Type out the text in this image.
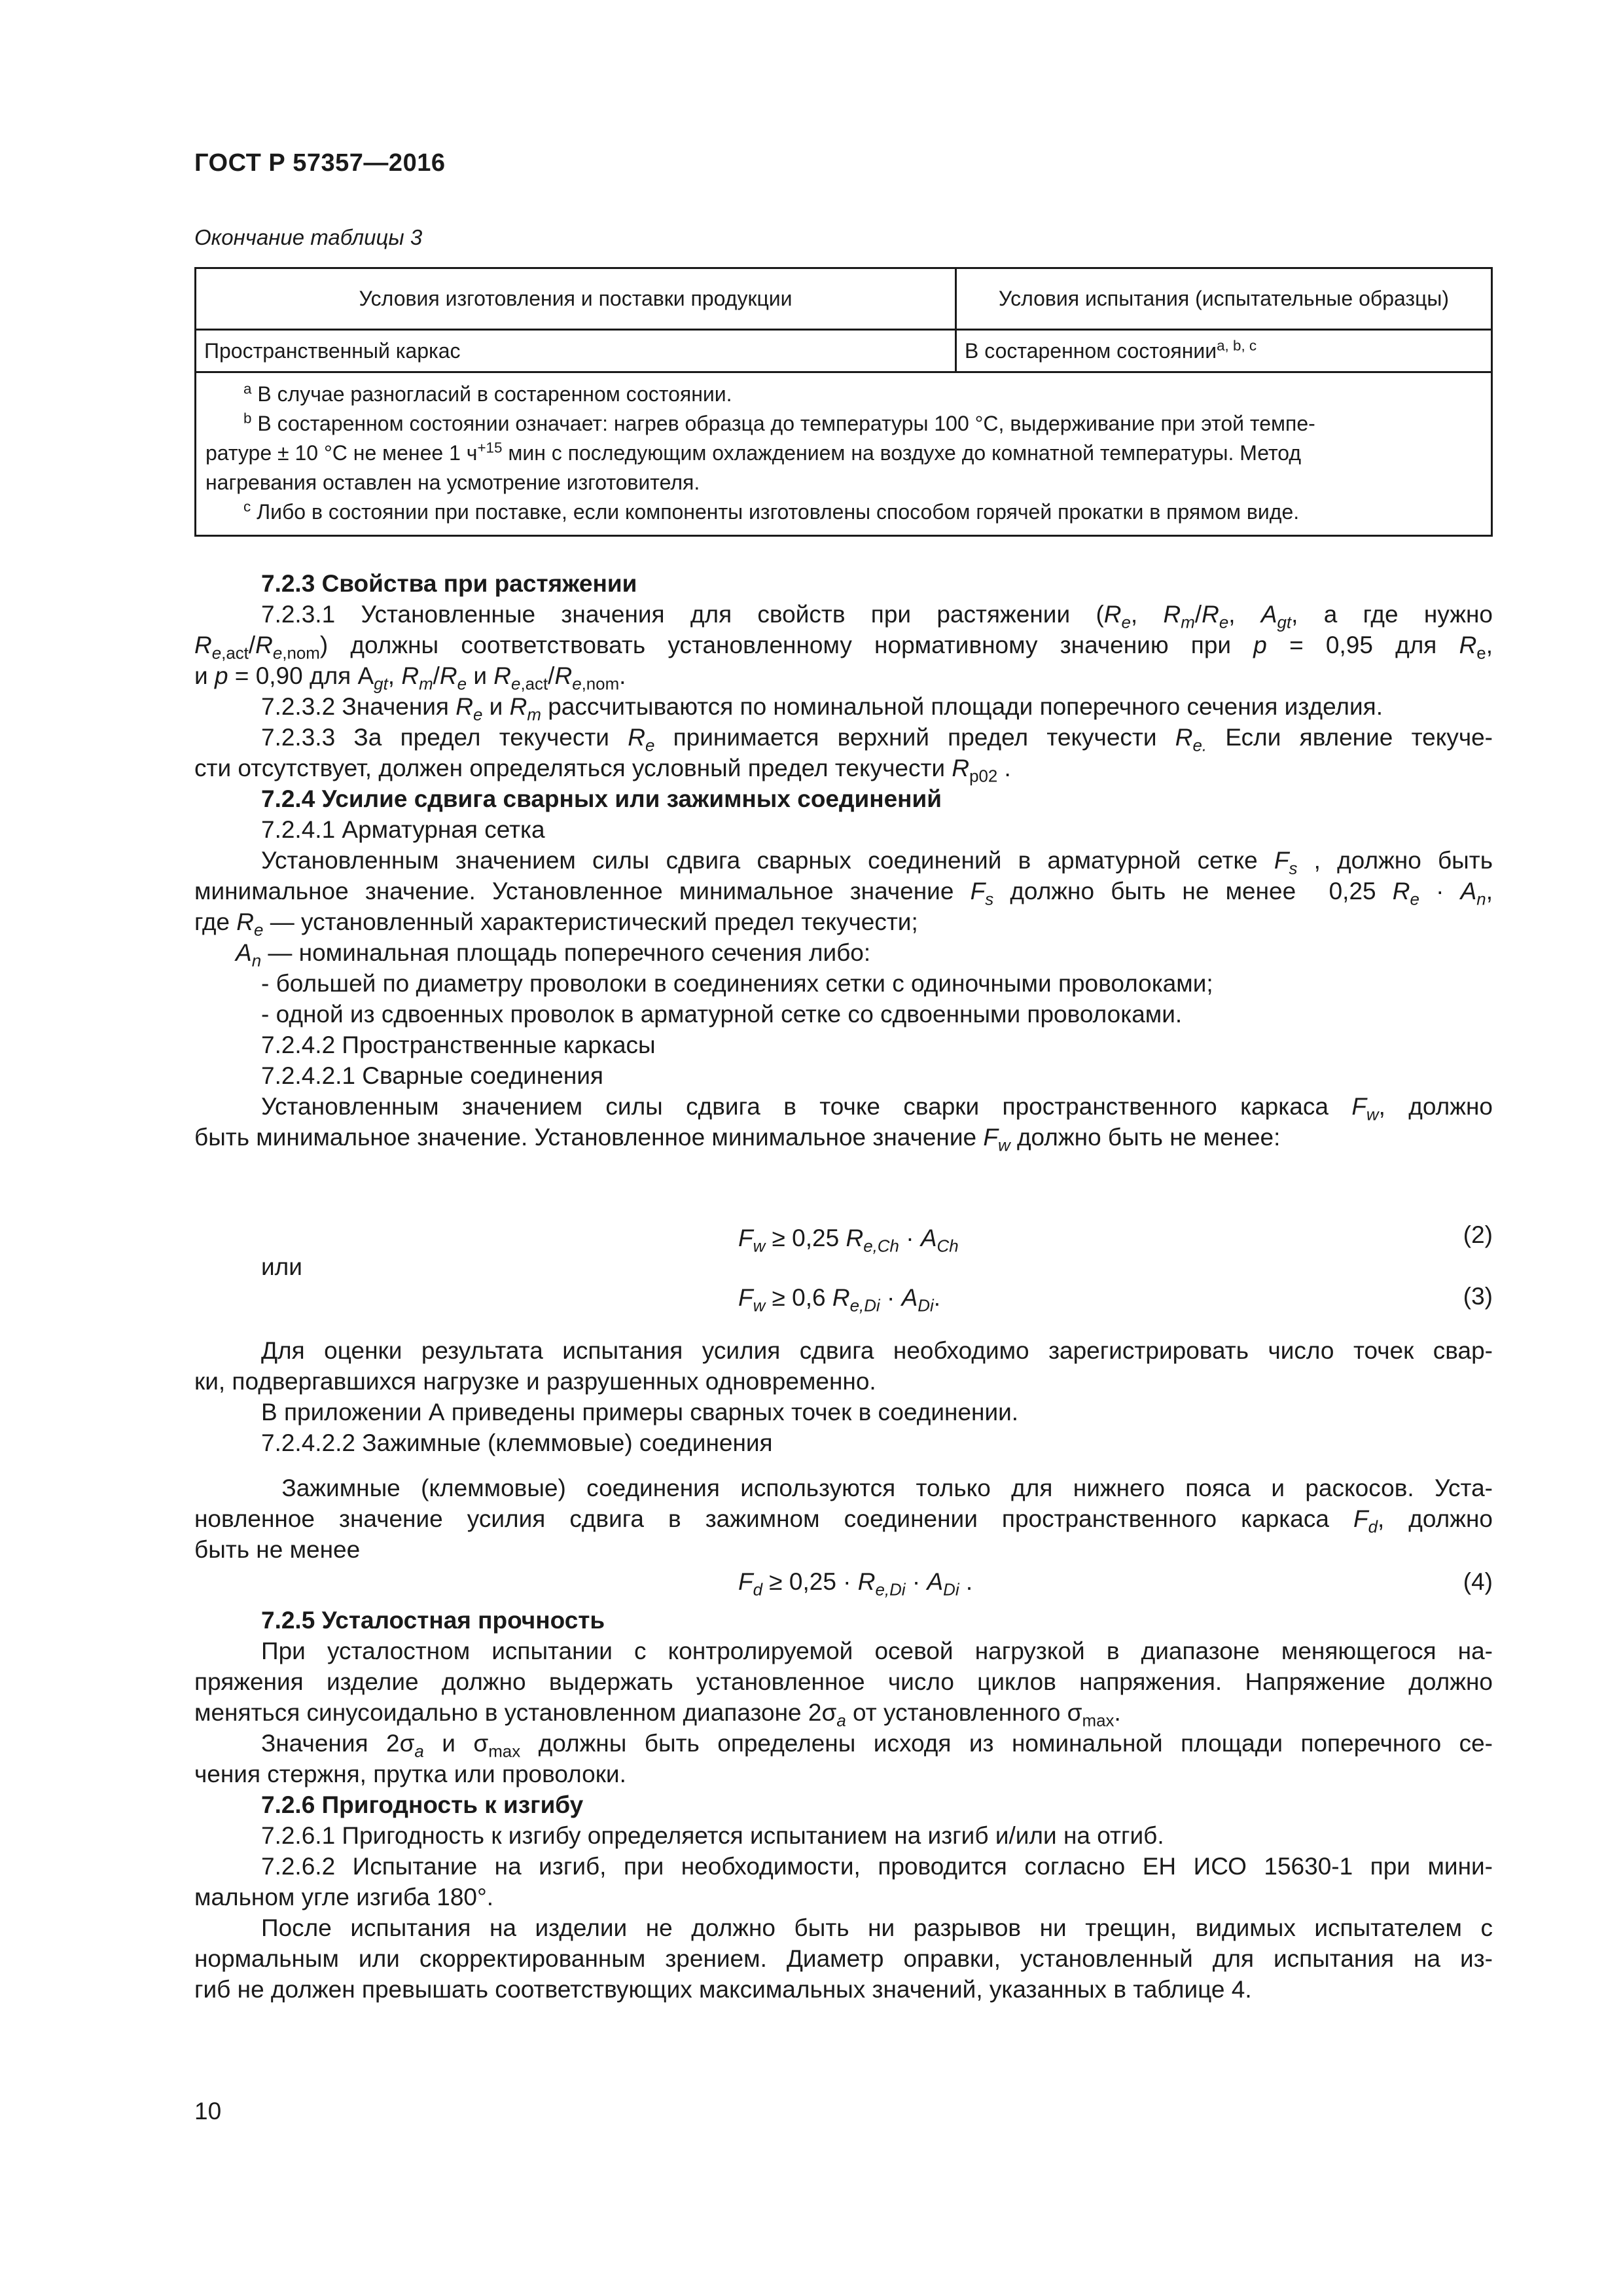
ГОСТ Р 57357—2016
Окончание таблицы 3
Условия изготовления и поставки продукции	Условия испытания (испытательные образцы)
Пространственный каркас	В состаренном состоянии$^{a, b, c}$

$^a$ В случае разногласий в состаренном состоянии.
$^b$ В состаренном состоянии означает: нагрев образца до температуры 100 °С, выдерживание при этой темпе-
ратуре ± 10 °С не менее 1 $ч^{+15}$ мин с последующим охлаждением на воздухе до комнатной температуры. Метод
нагревания оставлен на усмотрение изготовителя.
$^c$ Либо в состоянии при поставке, если компоненты изготовлены способом горячей прокатки в прямом виде.	
7.2.3 Свойства при растяжении
7.2.3.1 Установленные значения для свойств при растяжении ($R_e$, $R_m/R_e$, $A_{gt}$, а где нужно
$R_{e,act}/R_{e,nom}$) должны соответствовать установленному нормативному значению при p = 0,95 для $R_e$,
и p = 0,90 для $A_{gt}$, $R_m/R_e$ и $R_{e,act}/R_{e,nom}$.
7.2.3.2 Значения $R_e$ и $R_m$ рассчитываются по номинальной площади поперечного сечения изделия.
7.2.3.3 За предел текучести $R_e$ принимается верхний предел текучести $R_{e.}$ Если явление текуче-
сти отсутствует, должен определяться условный предел текучести $R_{p02}$ .
7.2.4 Усилие сдвига сварных или зажимных соединений
7.2.4.1 Арматурная сетка
Установленным значением силы сдвига сварных соединений в арматурной сетке $F_s$ , должно быть
минимальное значение. Установленное минимальное значение $F_s$ должно быть не менее  0,25 $R_e \cdot A_n$,
где $R_e$ — установленный характеристический предел текучести;
$A_n$ — номинальная площадь поперечного сечения либо:
- большей по диаметру проволоки в соединениях сетки с одиночными проволоками;
- одной из сдвоенных проволок в арматурной сетке со сдвоенными проволоками.
7.2.4.2 Пространственные каркасы
7.2.4.2.1 Сварные соединения
Установленным значением силы сдвига в точке сварки пространственного каркаса $F_w$, должно
быть минимальное значение. Установленное минимальное значение $F_w$ должно быть не менее:
$F_w \ge 0,25$ $R_{e,Ch} \cdot A_{Ch}$	(2)
или
$F_w \ge 0,6$ $R_{e,Di} \cdot A_{Di}$.	(3)
Для оценки результата испытания усилия сдвига необходимо зарегистрировать число точек свар-
ки, подвергавшихся нагрузке и разрушенных одновременно.
В приложении А приведены примеры сварных точек в соединении.
7.2.4.2.2 Зажимные (клеммовые) соединения
Зажимные (клеммовые) соединения используются только для нижнего пояса и раскосов. Уста-
новленное значение усилия сдвига в зажимном соединении пространственного каркаса $F_d$, должно
быть не менее
$F_d \ge 0,25 \cdot R_{e,Di} \cdot A_{Di}$ .	(4)
7.2.5 Усталостная прочность
При усталостном испытании с контролируемой осевой нагрузкой в диапазоне меняющегося на-
пряжения изделие должно выдержать установленное число циклов напряжения. Напряжение должно
меняться синусоидально в установленном диапазоне $2\sigma_a$ от установленного $\sigma_{max}$.
Значения $2\sigma_a$ и $\sigma_{max}$ должны быть определены исходя из номинальной площади поперечного се-
чения стержня, прутка или проволоки.
7.2.6 Пригодность к изгибу
7.2.6.1 Пригодность к изгибу определяется испытанием на изгиб и/или на отгиб.
7.2.6.2 Испытание на изгиб, при необходимости, проводится согласно ЕН ИСО 15630-1 при мини-
мальном угле изгиба 180°.
После испытания на изделии не должно быть ни разрывов ни трещин, видимых испытателем с
нормальным или скорректированным зрением. Диаметр оправки, установленный для испытания на из-
гиб не должен превышать соответствующих максимальных значений, указанных в таблице 4.
10
